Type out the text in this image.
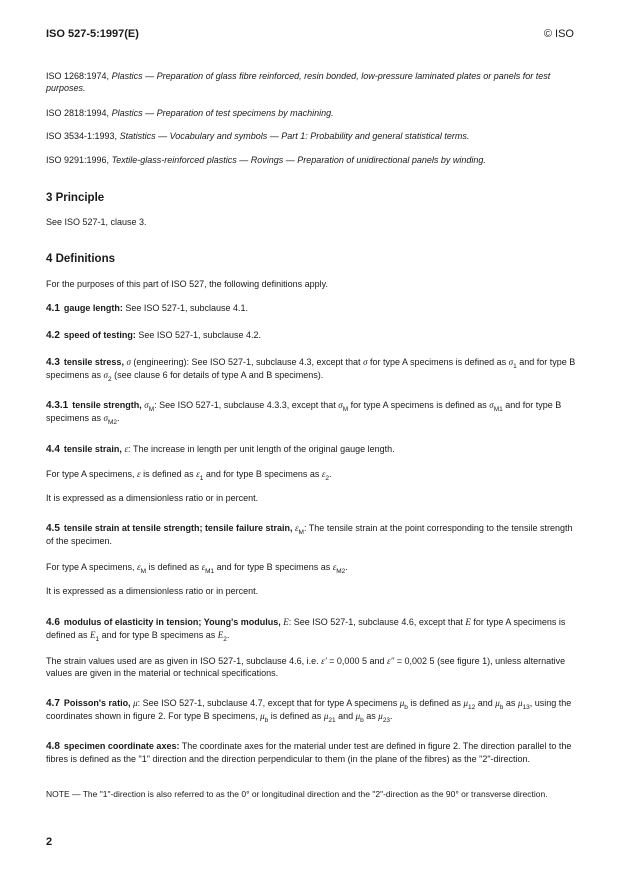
ISO 527-5:1997(E)	© ISO
ISO 1268:1974, Plastics — Preparation of glass fibre reinforced, resin bonded, low-pressure laminated plates or panels for test purposes.
ISO 2818:1994, Plastics — Preparation of test specimens by machining.
ISO 3534-1:1993, Statistics — Vocabulary and symbols — Part 1: Probability and general statistical terms.
ISO 9291:1996, Textile-glass-reinforced plastics — Rovings — Preparation of unidirectional panels by winding.
3 Principle
See ISO 527-1, clause 3.
4 Definitions
For the purposes of this part of ISO 527, the following definitions apply.
4.1 gauge length: See ISO 527-1, subclause 4.1.
4.2 speed of testing: See ISO 527-1, subclause 4.2.
4.3 tensile stress, σ (engineering): See ISO 527-1, subclause 4.3, except that σ for type A specimens is defined as $\sigma_1$ and for type B specimens as $\sigma_2$ (see clause 6 for details of type A and B specimens).
4.3.1 tensile strength, $\sigma_M$: See ISO 527-1, subclause 4.3.3, except that $\sigma_M$ for type A specimens is defined as $\sigma_{M1}$ and for type B specimens as $\sigma_{M2}$.
4.4 tensile strain, ε: The increase in length per unit length of the original gauge length.
For type A specimens, ε is defined as $\varepsilon_1$ and for type B specimens as $\varepsilon_2$.
It is expressed as a dimensionless ratio or in percent.
4.5 tensile strain at tensile strength; tensile failure strain, $\varepsilon_M$: The tensile strain at the point corresponding to the tensile strength of the specimen.
For type A specimens, $\varepsilon_M$ is defined as $\varepsilon_{M1}$ and for type B specimens as $\varepsilon_{M2}$.
It is expressed as a dimensionless ratio or in percent.
4.6 modulus of elasticity in tension; Young's modulus, E: See ISO 527-1, subclause 4.6, except that E for type A specimens is defined as $E_1$ and for type B specimens as $E_2$.
The strain values used are as given in ISO 527-1, subclause 4.6, i.e. ε′ = 0,000 5 and ε″ = 0,002 5 (see figure 1), unless alternative values are given in the material or technical specifications.
4.7 Poisson's ratio, μ: See ISO 527-1, subclause 4.7, except that for type A specimens $\mu_b$ is defined as $\mu_{12}$ and $\mu_b$ as $\mu_{13}$, using the coordinates shown in figure 2. For type B specimens, $\mu_b$ is defined as $\mu_{21}$ and $\mu_b$ as $\mu_{23}$.
4.8 specimen coordinate axes: The coordinate axes for the material under test are defined in figure 2. The direction parallel to the fibres is defined as the "1" direction and the direction perpendicular to them (in the plane of the fibres) as the "2"-direction.
NOTE — The "1"-direction is also referred to as the 0° or longitudinal direction and the "2"-direction as the 90° or transverse direction.
2
